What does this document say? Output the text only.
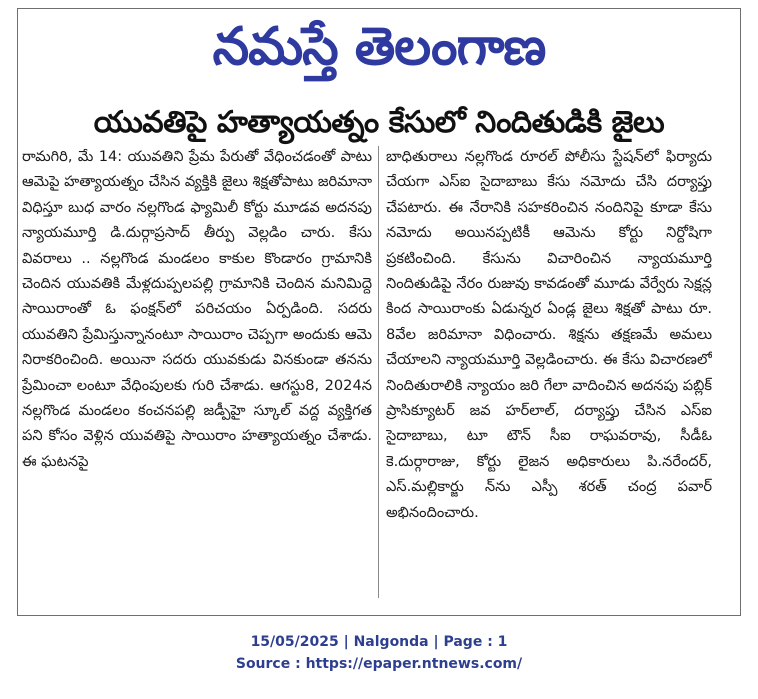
నమస్తే తెలంగాణ
యువతిపై హత్యాయత్నం కేసులో నిందితుడికి జైలు
రామగిరి, మే 14: యువతిని ప్రేమ పేరుతో వేధించడంతో పాటు ఆమెపై హత్యాయత్నం చేసిన వ్యక్తికి జైలు శిక్షతోపాటు జరిమానా విధిస్తూ బుధ వారం నల్లగొండ ఫ్యామిలీ కోర్టు మూడవ అదనపు న్యాయమూర్తి డి.దుర్గాప్రసాద్ తీర్పు వెల్లడిం చారు. కేసు వివరాలు .. నల్లగొండ మండలం కాకుల కొండారం గ్రామానికి చెందిన యువతికి మేళ్లదుప్పలపల్లి గ్రామానికి చెందిన మనిమిద్దె సాయిరాంతో ఓ ఫంక్షన్‌లో పరిచయం ఏర్పడింది. సదరు యువతిని ప్రేమిస్తున్నానంటూ సాయిరాం చెప్పగా అందుకు ఆమె నిరాకరించింది. అయినా సదరు యువకుడు వినకుండా తనను ప్రేమించా లంటూ వేధింపులకు గురి చేశాడు. ఆగస్టు8, 2024న నల్లగొండ మండలం కంచనపల్లి జడ్పీహై స్కూల్ వద్ద వ్యక్తిగత పని కోసం వెళ్లిన యువతిపై సాయిరాం హత్యాయత్నం చేశాడు. ఈ ఘటనపై
బాధితురాలు నల్లగొండ రూరల్ పోలీసు స్టేషన్‌లో ఫిర్యాదు చేయగా ఎస్ఐ సైదాబాబు కేసు నమోదు చేసి దర్యాప్తు చేపటారు. ఈ నేరానికి సహకరించిన నందినిపై కూడా కేసు నమోదు అయినప్పటికీ ఆమెను కోర్టు నిర్దోషిగా ప్రకటించింది. కేసును విచారించిన న్యాయమూర్తి నిందితుడిపై నేరం రుజువు కావడంతో మూడు వేర్వేరు సెక్షన్ల కింద సాయిరాంకు ఏడున్నర ఏండ్ల జైలు శిక్షతో పాటు రూ. 8వేల జరిమానా విధించారు. శిక్షను తక్షణమే అమలు చేయాలని న్యాయమూర్తి వెల్లడించారు. ఈ కేసు విచారణలో నిందితురాలికి న్యాయం జరి గేలా వాదించిన అదనపు పబ్లిక్ ప్రాసిక్యూటర్ జవ హర్‌లాల్, దర్యాప్తు చేసిన ఎస్ఐ సైదాబాబు, టూ టౌన్ సీఐ రాఘవరావు, సీడీఓ కె.దుర్గారాజు, కోర్టు లైజన అధికారులు పి.నరేందర్, ఎస్.మల్లికార్జు న్‌ను ఎస్పీ శరత్ చంద్ర పవార్ అభినందించారు.
15/05/2025 | Nalgonda | Page : 1
Source : https://epaper.ntnews.com/
